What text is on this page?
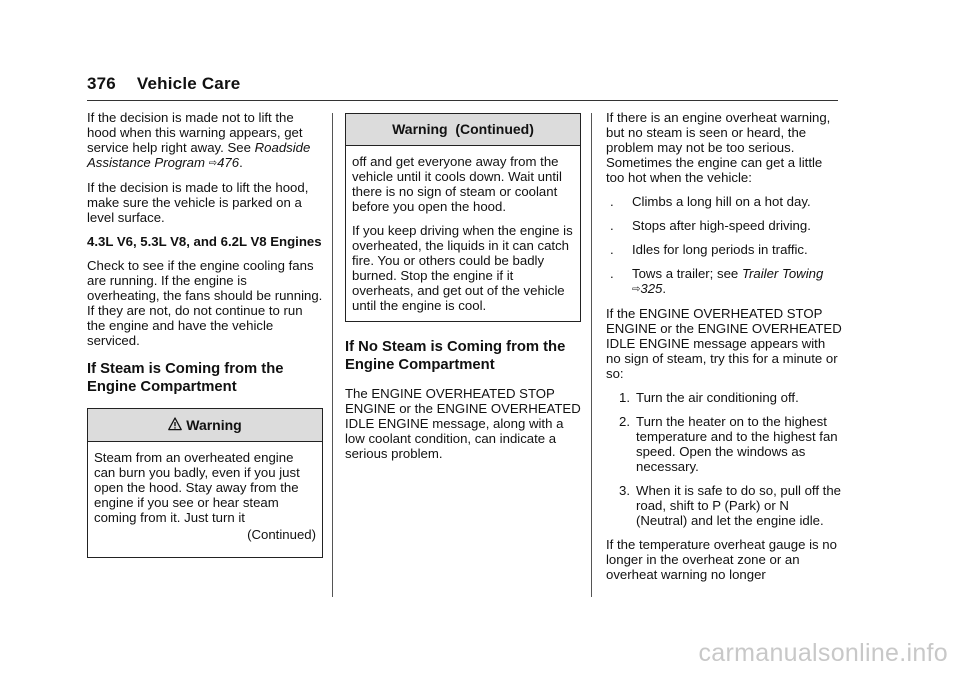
376 Vehicle Care

If the decision is made not to lift the hood when this warning appears, get service help right away. See Roadside Assistance Program ⇨476.

If the decision is made to lift the hood, make sure the vehicle is parked on a level surface.

4.3L V6, 5.3L V8, and 6.2L V8 Engines

Check to see if the engine cooling fans are running. If the engine is overheating, the fans should be running. If they are not, do not continue to run the engine and have the vehicle serviced.

If Steam is Coming from the Engine Compartment
Warning

Steam from an overheated engine can burn you badly, even if you just open the hood. Stay away from the engine if you see or hear steam coming from it. Just turn it

(Continued)

Warning  (Continued)

off and get everyone away from the vehicle until it cools down. Wait until there is no sign of steam or coolant before you open the hood.

If you keep driving when the engine is overheated, the liquids in it can catch fire. You or others could be badly burned. Stop the engine if it overheats, and get out of the vehicle until the engine is cool.

If No Steam is Coming from the Engine Compartment

The ENGINE OVERHEATED STOP ENGINE or the ENGINE OVERHEATED IDLE ENGINE message, along with a low coolant condition, can indicate a serious problem.

If there is an engine overheat warning, but no steam is seen or heard, the problem may not be too serious. Sometimes the engine can get a little too hot when the vehicle:

.	Climbs a long hill on a hot day.
.	Stops after high-speed driving.
.	Idles for long periods in traffic.
.	Tows a trailer; see Trailer Towing ⇨325.

If the ENGINE OVERHEATED STOP ENGINE or the ENGINE OVERHEATED IDLE ENGINE message appears with no sign of steam, try this for a minute or so:

1. Turn the air conditioning off.
2. Turn the heater on to the highest temperature and to the highest fan speed. Open the windows as necessary.
3. When it is safe to do so, pull off the road, shift to P (Park) or N (Neutral) and let the engine idle.

If the temperature overheat gauge is no longer in the overheat zone or an overheat warning no longer

carmanualsonline.info
